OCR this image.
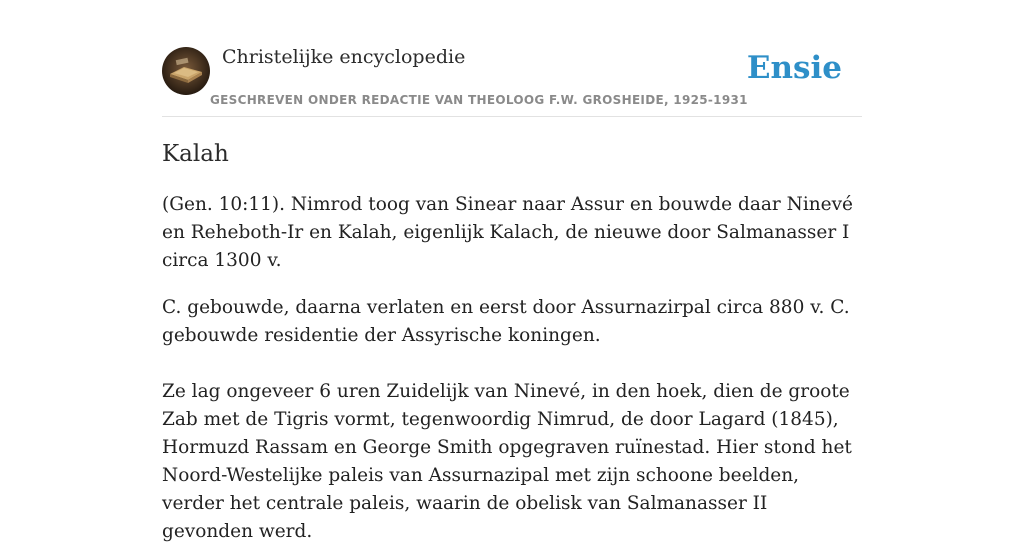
Christelijke encyclopedie
GESCHREVEN ONDER REDACTIE VAN THEOLOOG F.W. GROSHEIDE, 1925-1931
Ensie
Kalah

(Gen. 10:11). Nimrod toog van Sinear naar Assur en bouwde daar Ninevé en Reheboth-Ir en Kalah, eigenlijk Kalach, de nieuwe door Salmanasser I circa 1300 v.

C. gebouwde, daarna verlaten en eerst door Assurnazirpal circa 880 v. C. gebouwde residentie der Assyrische koningen.

Ze lag ongeveer 6 uren Zuidelijk van Ninevé, in den hoek, dien de groote Zab met de Tigris vormt, tegenwoordig Nimrud, de door Lagard (1845), Hormuzd Rassam en George Smith opgegraven ruïnestad. Hier stond het Noord-Westelijke paleis van Assurnazipal met zijn schoone beelden, verder het centrale paleis, waarin de obelisk van Salmanasser II gevonden werd.
